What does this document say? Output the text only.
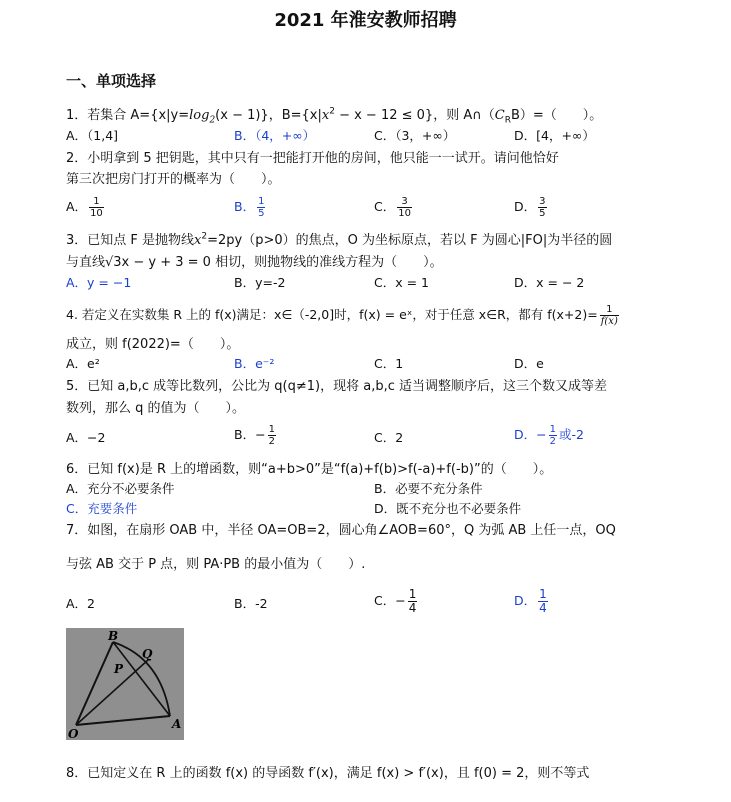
2021 年淮安教师招聘
一、单项选择
1．若集合 $A=\{x|y=\log_2(x - 1)\}$，$B=\{x|x^2 - x - 12 \le 0\}$，则 $A\cap(C_RB)=$（　　）。
A．（1,4]	B．（4，+∞）	C．（3，+∞）	D．[4，+∞）
2．小明拿到 5 把钥匙，其中只有一把能打开他的房间，他只能一一试开。请问他恰好
第三次把房门打开的概率为（　　）。
A． $\frac{1}{10}$	B． $\frac{1}{5}$	C． $\frac{3}{10}$	D． $\frac{3}{5}$
3．已知点 F 是抛物线$x^2=2py(p>0)$的焦点，O 为坐标原点，若以 F 为圆心|FO|为半径的圆
与直线√3x − y + 3 = 0 相切，则抛物线的准线方程为（　　）。
A．y = −1	B．y=-2	C．x = 1	D．x = − 2
4. 若定义在实数集 R 上的 f(x)满足：x∈（-2,0]时，f(x) = eˣ，对于任意 x∈R，都有 $f(x+2)= \frac{1}{f(x)}$
成立，则 f(2022)=（　　）。
A．e²	B．e⁻²	C．1	D．e
5．已知 a,b,c 成等比数列，公比为 q(q≠1)，现将 a,b,c 适当调整顺序后，这三个数又成等差
数列，那么 q 的值为（　　）。
A．−2	B．− $\frac{1}{2}$	C．2	D．− $\frac{1}{2}$ 或-2
6．已知 f(x)是 R 上的增函数，则“a+b>0”是“f(a)+f(b)>f(-a)+f(-b)”的（　　）。
A．充分不必要条件	B．必要不充分条件
C．充要条件	D．既不充分也不必要条件
7．如图，在扇形 OAB 中，半径 OA=OB=2，圆心角∠AOB=60°，Q 为弧 AB 上任一点，OQ
与弦 AB 交于 P 点，则 PA·PB 的最小值为（　　）.
A．2	B．-2	C．− $\frac{1}{4}$	D． $\frac{1}{4}$
B
Q
P
O
A
8．已知定义在 R 上的函数 f(x) 的导函数 f′(x)，满足 f(x) > f′(x)，且 f(0) = 2，则不等式
